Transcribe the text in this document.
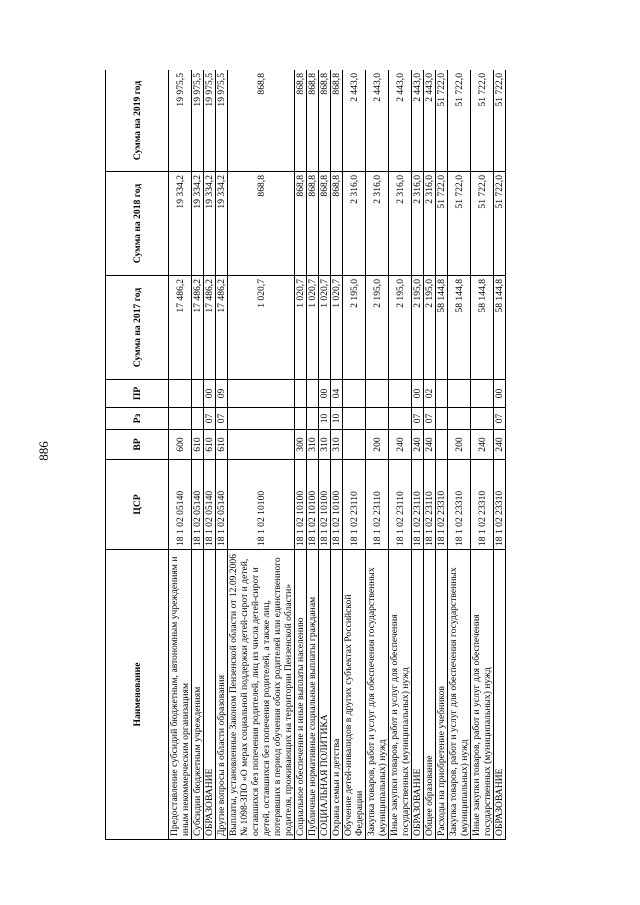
886
Наименование	ЦСР	ВР	Рз	ПР	Сумма на 2017 год	Сумма на 2018 год	Сумма на 2019 год
Предоставление субсидий бюджетным, автономным учреждениям и иным некоммерческим организациям	18 1 02 05140	600			17 486,2	19 334,2	19 975,5
Субсидии бюджетным учреждениям	18 1 02 05140	610			17 486,2	19 334,2	19 975,5
ОБРАЗОВАНИЕ	18 1 02 05140	610	07	00	17 486,2	19 334,2	19 975,5
Другие вопросы в области образования	18 1 02 05140	610	07	09	17 486,2	19 334,2	19 975,5
Выплаты, установленные Законом Пензенской области от 12.09.2006 № 1098-ЗПО «О мерах социальной поддержки детей-сирот и детей, оставшихся без попечения родителей, лиц из числа детей-сирот и детей, оставшихся без попечения родителей, а также лиц, потерявших в период обучения обоих родителей или единственного родителя, проживающих на территории Пензенской области»	18 1 02 10100				1 020,7	868,8	868,8
Социальное обеспечение и иные выплаты населению	18 1 02 10100	300			1 020,7	868,8	868,8
Публичные нормативные социальные выплаты гражданам	18 1 02 10100	310			1 020,7	868,8	868,8
СОЦИАЛЬНАЯ ПОЛИТИКА	18 1 02 10100	310	10	00	1 020,7	868,8	868,8
Охрана семьи и детства	18 1 02 10100	310	10	04	1 020,7	868,8	868,8
Обучение детей-инвалидов в других субъектах Российской Федерации	18 1 02 23110				2 195,0	2 316,0	2 443,0
Закупка товаров, работ и услуг для обеспечения государственных (муниципальных) нужд	18 1 02 23110	200			2 195,0	2 316,0	2 443,0
Иные закупки товаров, работ и услуг для обеспечения государственных (муниципальных) нужд	18 1 02 23110	240			2 195,0	2 316,0	2 443,0
ОБРАЗОВАНИЕ	18 1 02 23110	240	07	00	2 195,0	2 316,0	2 443,0
Общее образование	18 1 02 23110	240	07	02	2 195,0	2 316,0	2 443,0
Расходы на приобретение учебников	18 1 02 23310				58 144,8	51 722,0	51 722,0
Закупка товаров, работ и услуг для обеспечения государственных (муниципальных) нужд	18 1 02 23310	200			58 144,8	51 722,0	51 722,0
Иные закупки товаров, работ и услуг для обеспечения государственных (муниципальных) нужд	18 1 02 23310	240			58 144,8	51 722,0	51 722,0
ОБРАЗОВАНИЕ	18 1 02 23310	240	07	00	58 144,8	51 722,0	51 722,0
